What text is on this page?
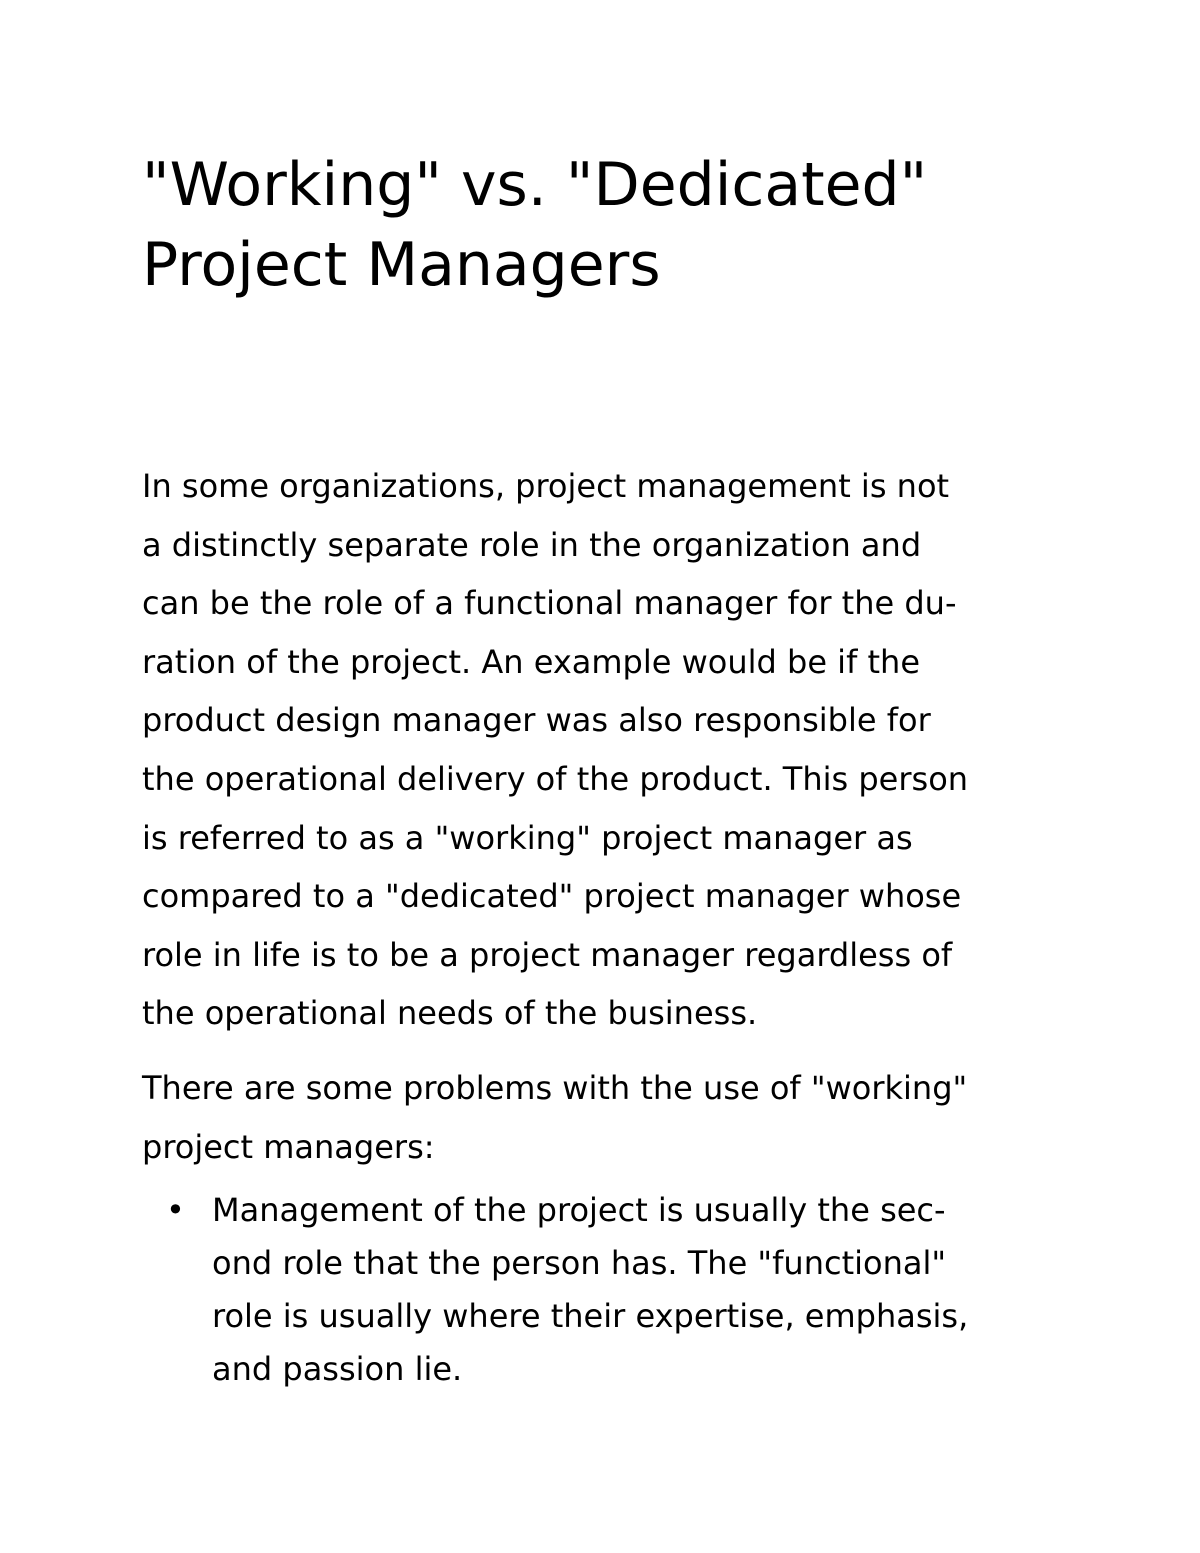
"Working" vs. "Dedicated"
Project Managers

In some organizations, project management is not
a distinctly separate role in the organization and
can be the role of a functional manager for the du-
ration of the project. An example would be if the
product design manager was also responsible for
the operational delivery of the product. This person
is referred to as a "working" project manager as
compared to a "dedicated" project manager whose
role in life is to be a project manager regardless of
the operational needs of the business.

There are some problems with the use of "working"
project managers:

• Management of the project is usually the sec-
ond role that the person has. The "functional"
role is usually where their expertise, emphasis,
and passion lie.
